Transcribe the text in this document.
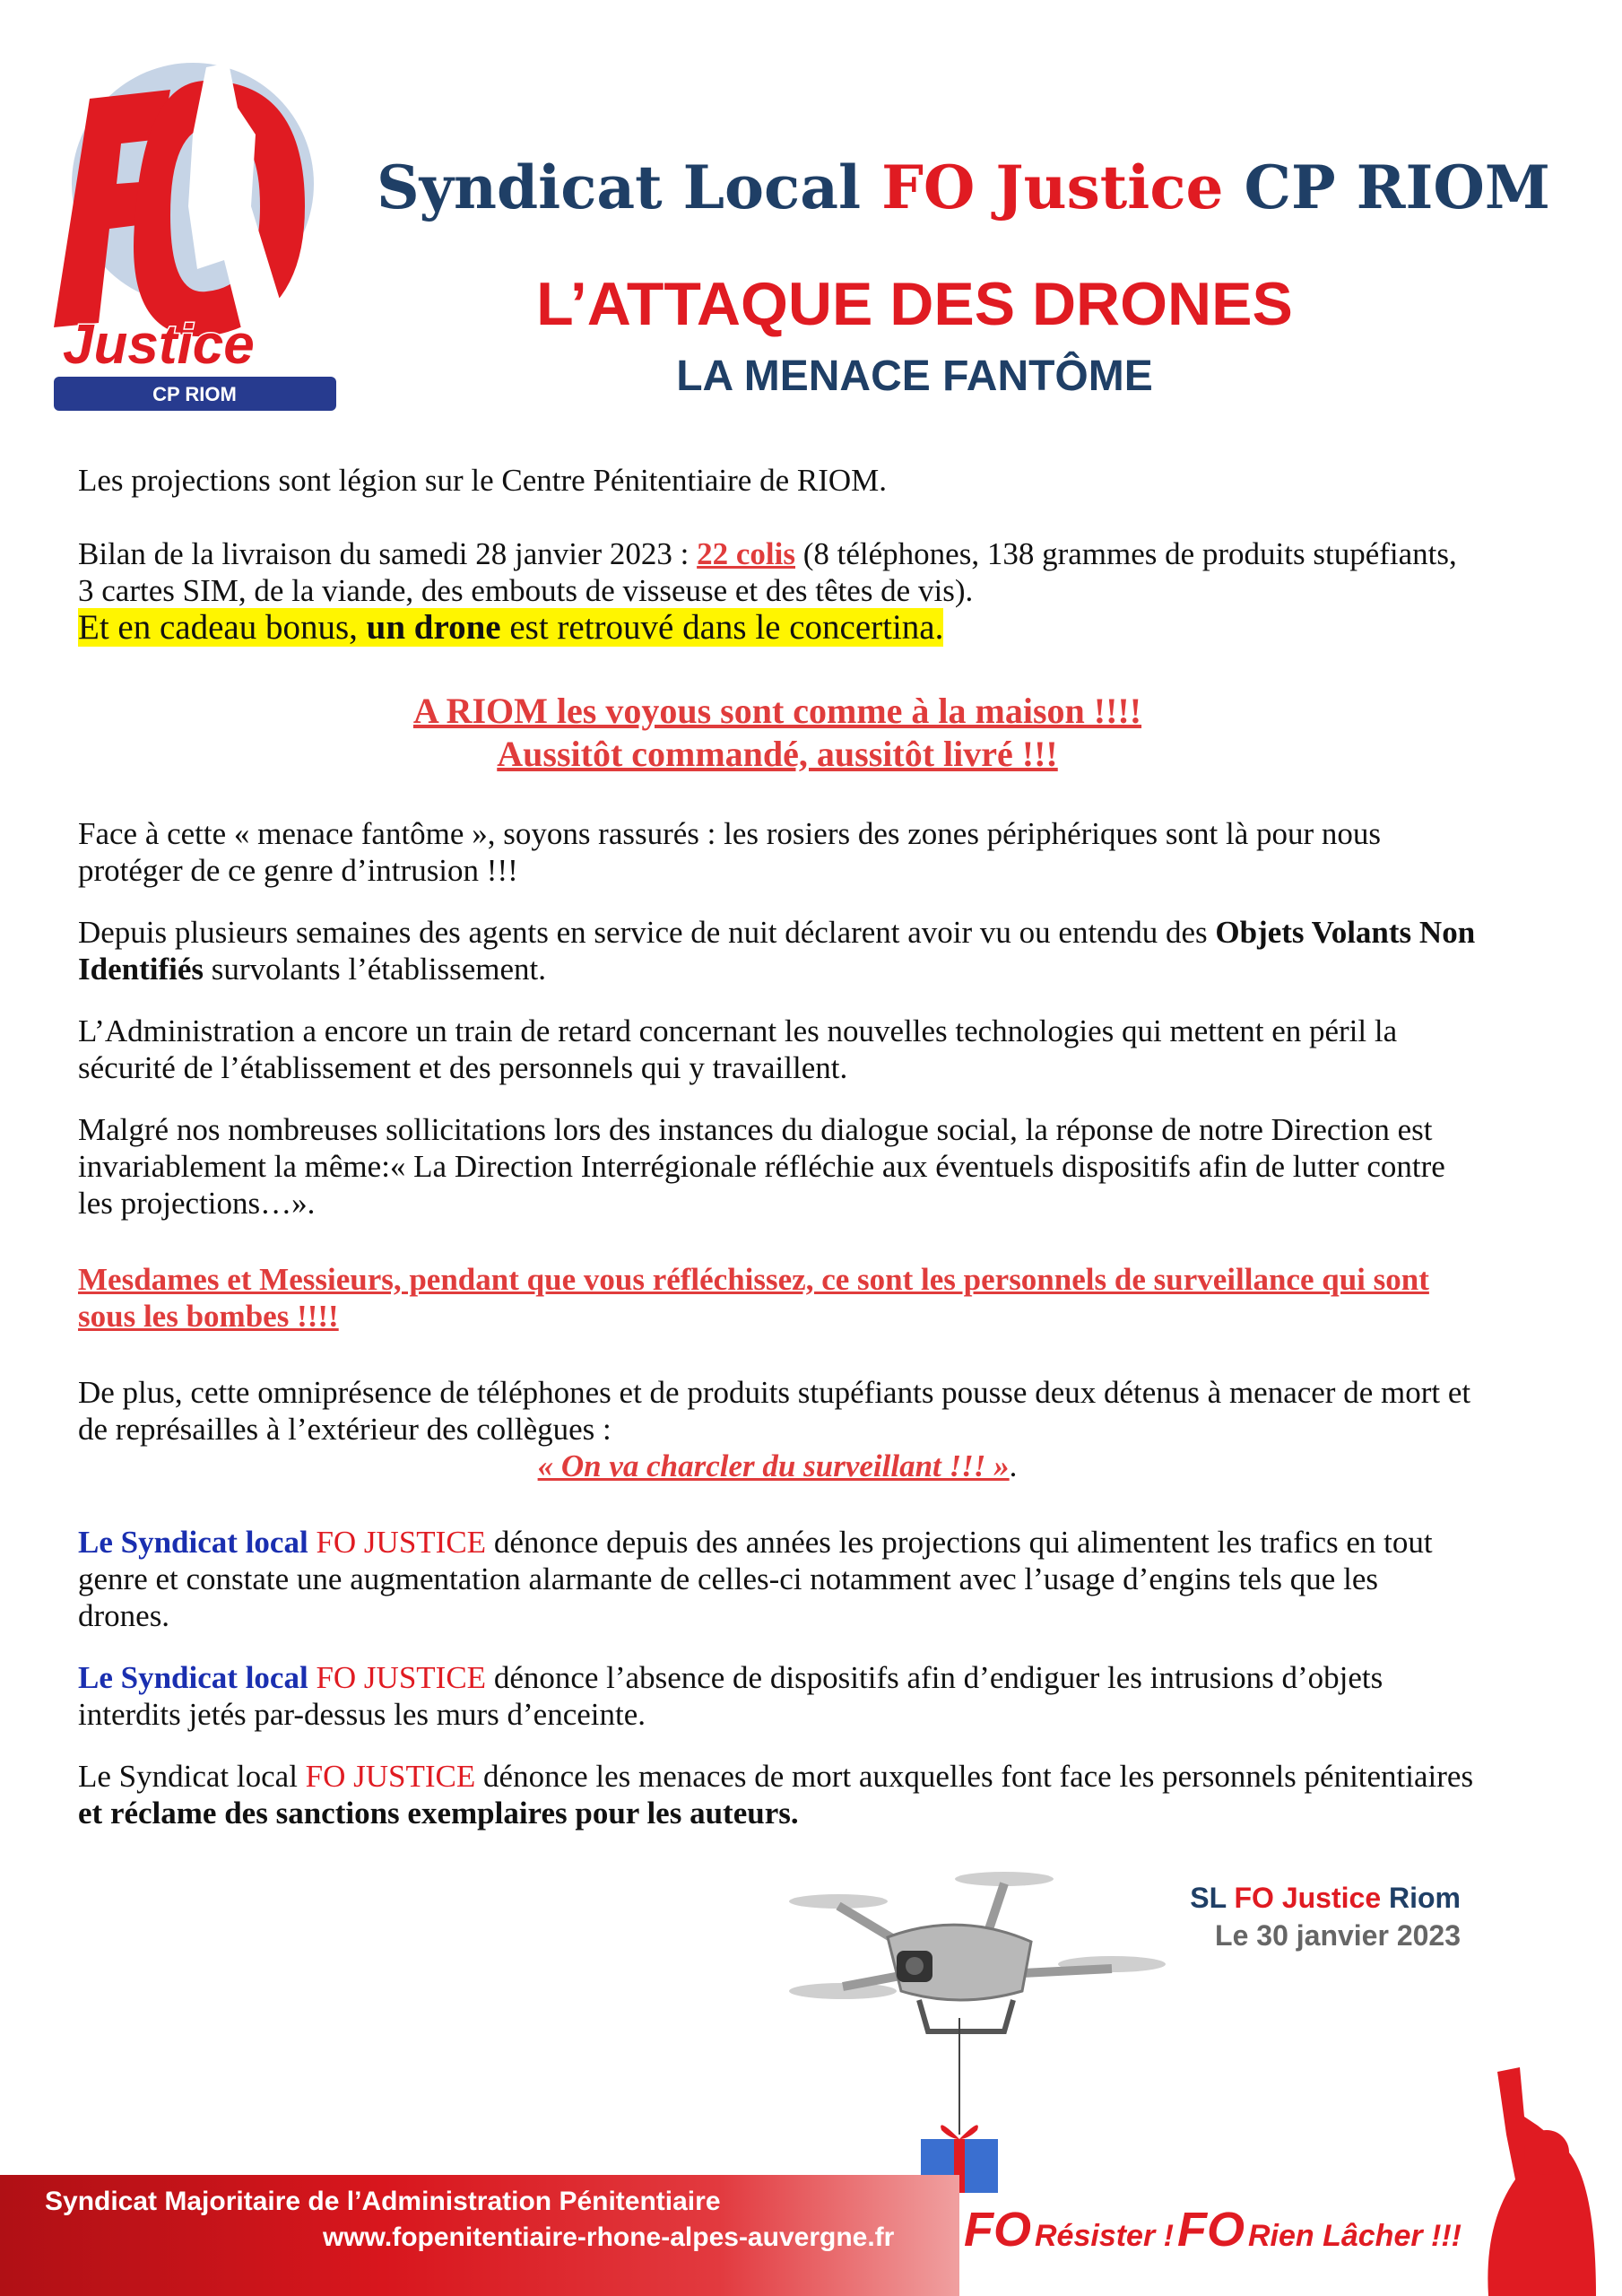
Justice
CP RIOM
Syndicat Local FO Justice CP RIOM
L’ATTAQUE DES DRONES
LA MENACE FANTÔME

Les projections sont légion sur le Centre Pénitentiaire de RIOM.

Bilan de la livraison du samedi 28 janvier 2023 : 22 colis (8 téléphones, 138 grammes de produits stupéfiants, 3 cartes SIM, de la viande, des embouts de visseuse et des têtes de vis).

Et en cadeau bonus, un drone est retrouvé dans le concertina.

A RIOM les voyous sont comme à la maison !!!!

Aussitôt commandé, aussitôt livré !!!

Face à cette « menace fantôme », soyons rassurés : les rosiers des zones périphériques sont là pour nous protéger de ce genre d’intrusion !!!

Depuis plusieurs semaines des agents en service de nuit déclarent avoir vu ou entendu des Objets Volants Non Identifiés survolants l’établissement.

L’Administration a encore un train de retard concernant les nouvelles technologies qui mettent en péril la sécurité de l’établissement et des personnels qui y travaillent.

Malgré nos nombreuses sollicitations lors des instances du dialogue social, la réponse de notre Direction est invariablement la même:« La Direction Interrégionale réfléchie aux éventuels dispositifs afin de lutter contre les projections…».

Mesdames et Messieurs, pendant que vous réfléchissez, ce sont les personnels de surveillance qui sont sous les bombes !!!!

De plus, cette omniprésence de téléphones et de produits stupéfiants pousse deux détenus à menacer de mort et de représailles à l’extérieur des collègues :

« On va charcler du surveillant !!! ».

Le Syndicat local FO JUSTICE dénonce depuis des années les projections qui alimentent les trafics en tout genre et constate une augmentation alarmante de celles-ci notamment avec l’usage d’engins tels que les drones.

Le Syndicat local FO JUSTICE dénonce l’absence de dispositifs afin d’endiguer les intrusions d’objets interdits jetés par-dessus les murs d’enceinte.

Le Syndicat local FO JUSTICE dénonce les menaces de mort auxquelles font face les personnels pénitentiaires et réclame des sanctions exemplaires pour les auteurs.

SL FO Justice Riom
Le 30 janvier 2023
Syndicat Majoritaire de l’Administration Pénitentiaire
www.fopenitentiaire-rhone-alpes-auvergne.fr FO Résister ! FO Rien Lâcher !!!
